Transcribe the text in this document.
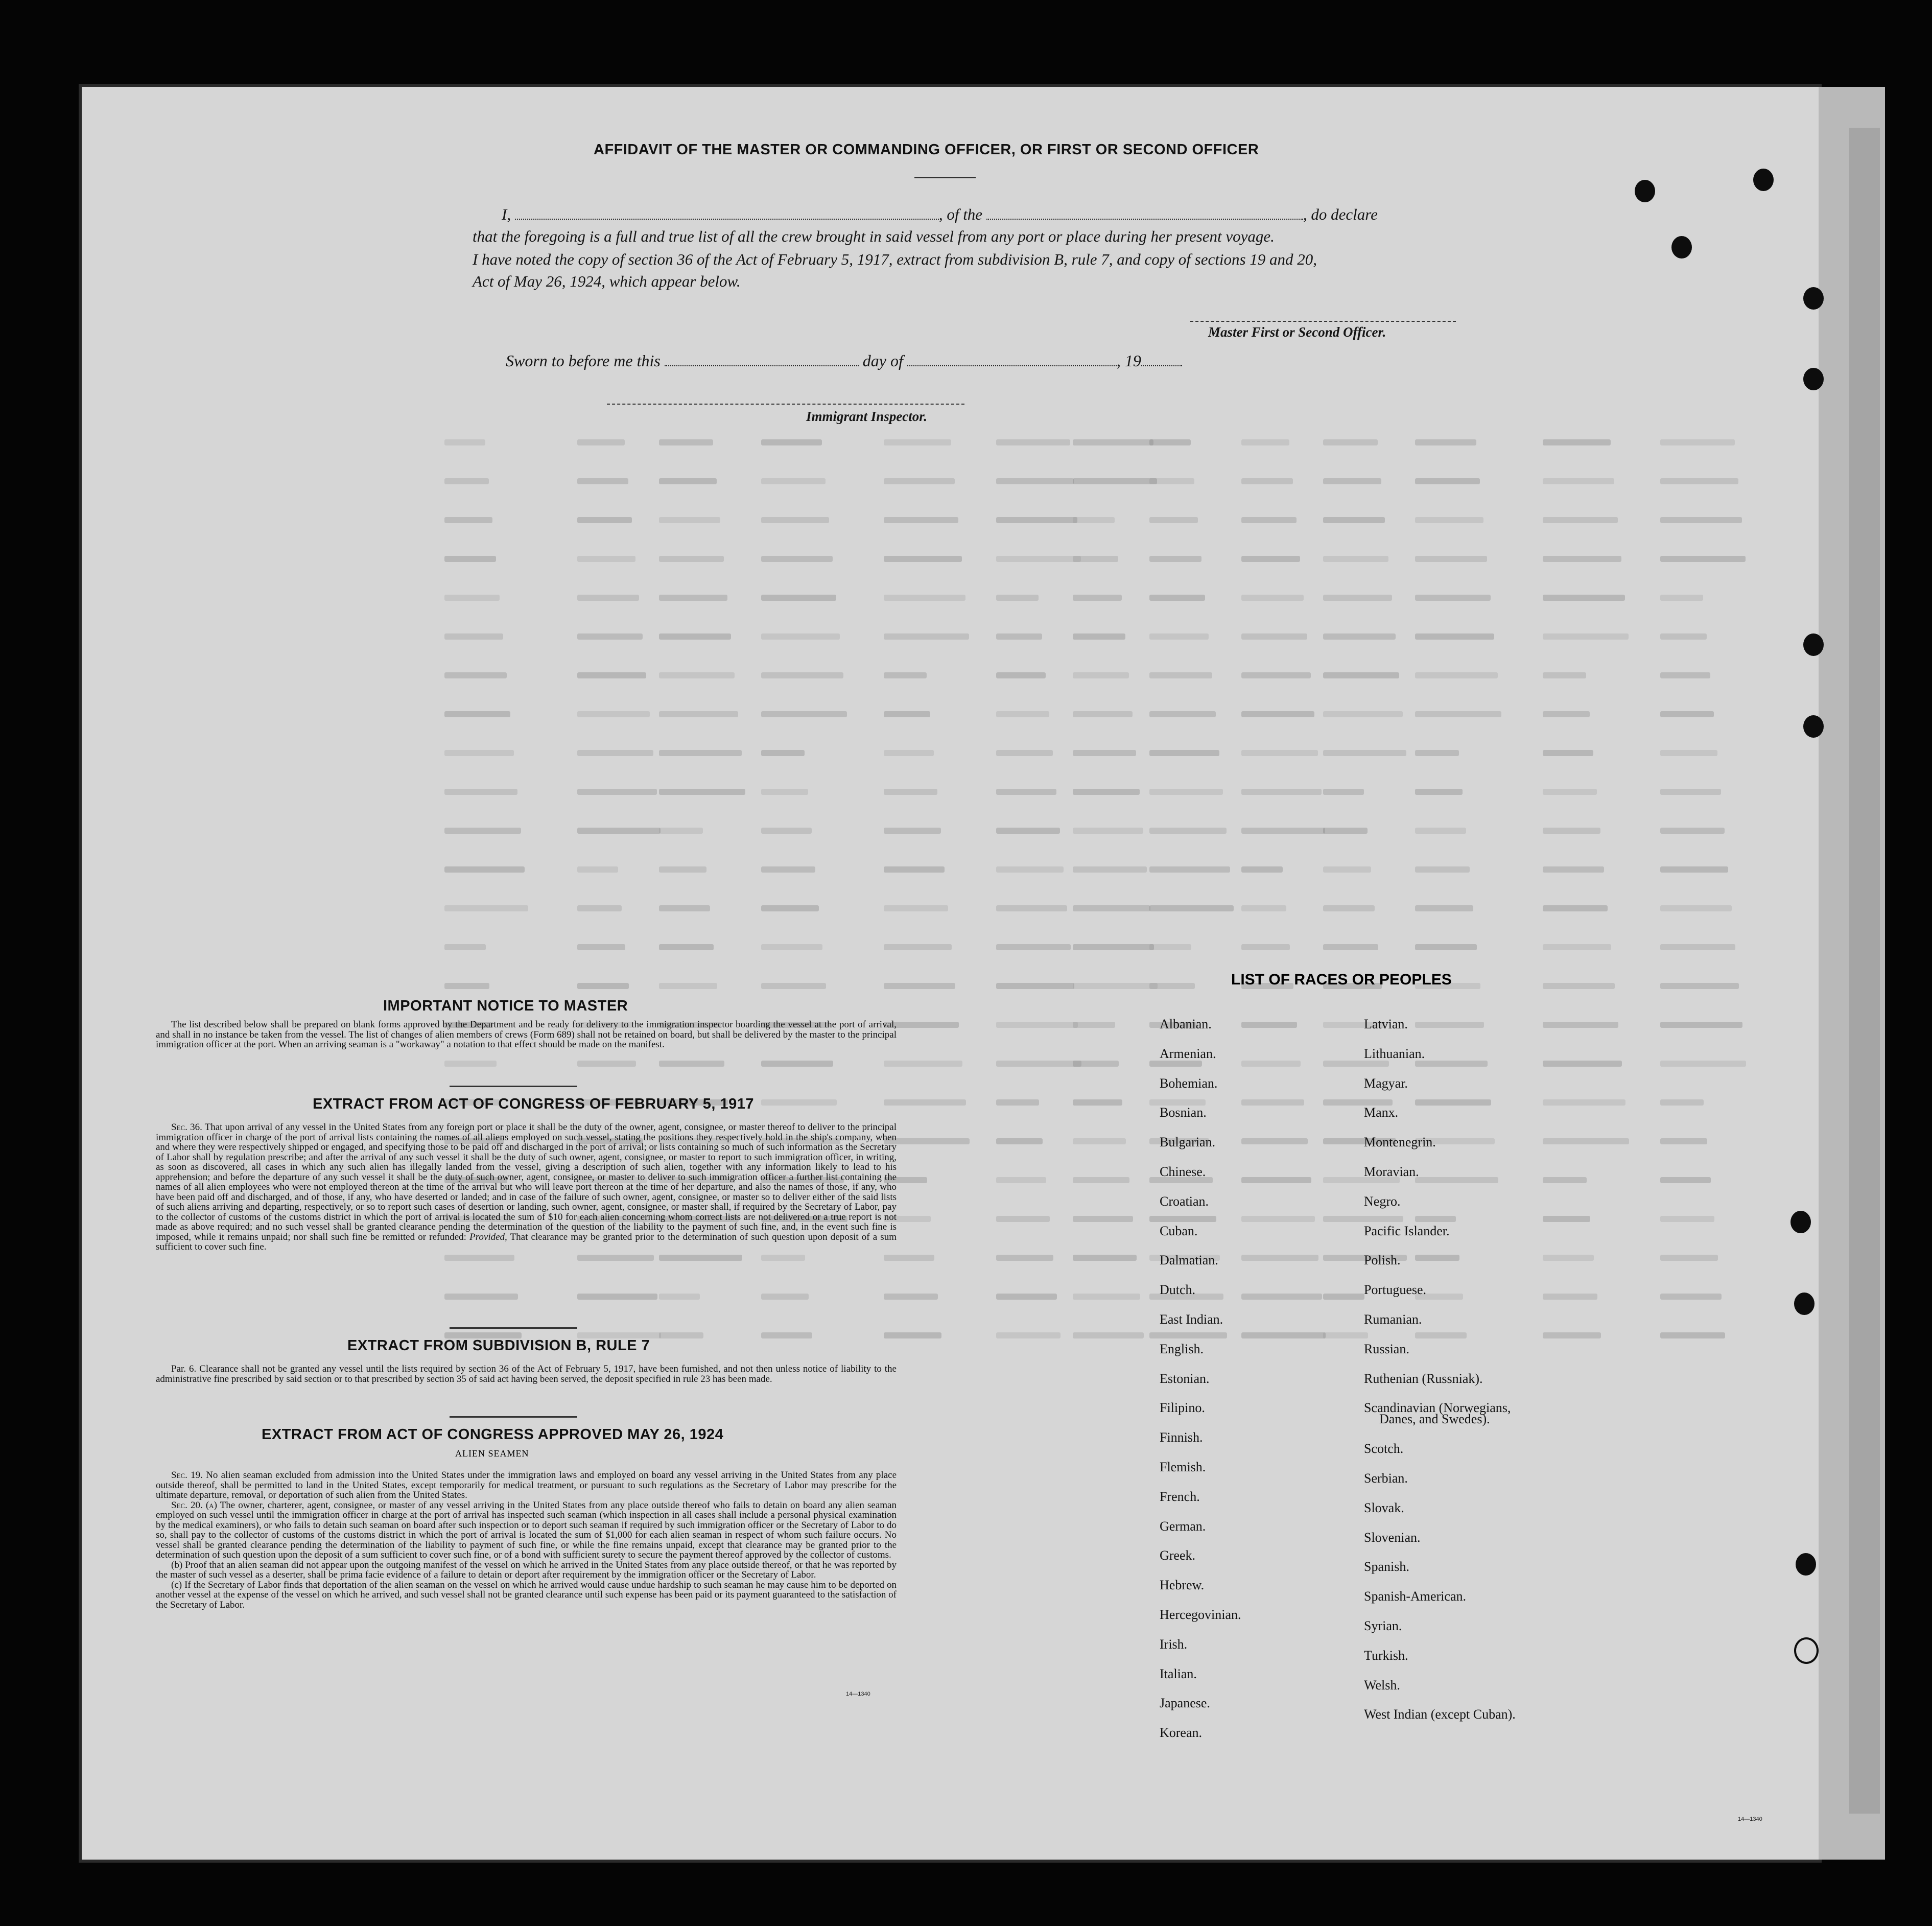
AFFIDAVIT OF THE MASTER OR COMMANDING OFFICER, OR FIRST OR SECOND OFFICER
I,	, of the	, do declare
that the foregoing is a full and true list of all the crew brought in said vessel from any port or place during her present voyage.
I have noted the copy of section 36 of the Act of February 5, 1917, extract from subdivision B, rule 7, and copy of sections 19 and 20,
Act of May 26, 1924, which appear below.
Master First or Second Officer.
Sworn to before me this	day of	, 19
Immigrant Inspector.
IMPORTANT NOTICE TO MASTER
The list described below shall be prepared on blank forms approved by the Department and be ready for delivery to the immigration inspector boarding the vessel at the port of arrival, and shall in no instance be taken from the vessel. The list of changes of alien members of crews (Form 689) shall not be retained on board, but shall be delivered by the master to the principal immigration officer at the port. When an arriving seaman is a "workaway" a notation to that effect should be made on the manifest.
EXTRACT FROM ACT OF CONGRESS OF FEBRUARY 5, 1917
Sec. 36. That upon arrival of any vessel in the United States from any foreign port or place it shall be the duty of the owner, agent, consignee, or master thereof to deliver to the principal immigration officer in charge of the port of arrival lists containing the names of all aliens employed on such vessel, stating the positions they respectively hold in the ship's company, when and where they were respectively shipped or engaged, and specifying those to be paid off and discharged in the port of arrival; or lists containing so much of such information as the Secretary of Labor shall by regulation prescribe; and after the arrival of any such vessel it shall be the duty of such owner, agent, consignee, or master to report to such immigration officer, in writing, as soon as discovered, all cases in which any such alien has illegally landed from the vessel, giving a description of such alien, together with any information likely to lead to his apprehension; and before the departure of any such vessel it shall be the duty of such owner, agent, consignee, or master to deliver to such immigration officer a further list containing the names of all alien employees who were not employed thereon at the time of the arrival but who will leave port thereon at the time of her departure, and also the names of those, if any, who have been paid off and discharged, and of those, if any, who have deserted or landed; and in case of the failure of such owner, agent, consignee, or master so to deliver either of the said lists of such aliens arriving and departing, respectively, or so to report such cases of desertion or landing, such owner, agent, consignee, or master shall, if required by the Secretary of Labor, pay to the collector of customs of the customs district in which the port of arrival is located the sum of $10 for each alien concerning whom correct lists are not delivered or a true report is not made as above required; and no such vessel shall be granted clearance pending the determination of the question of the liability to the payment of such fine, and, in the event such fine is imposed, while it remains unpaid; nor shall such fine be remitted or refunded: Provided, That clearance may be granted prior to the determination of such question upon deposit of a sum sufficient to cover such fine.
EXTRACT FROM SUBDIVISION B, RULE 7
Par. 6. Clearance shall not be granted any vessel until the lists required by section 36 of the Act of February 5, 1917, have been furnished, and not then unless notice of liability to the administrative fine prescribed by said section or to that prescribed by section 35 of said act having been served, the deposit specified in rule 23 has been made.
EXTRACT FROM ACT OF CONGRESS APPROVED MAY 26, 1924
ALIEN SEAMEN
Sec. 19. No alien seaman excluded from admission into the United States under the immigration laws and employed on board any vessel arriving in the United States from any place outside thereof, shall be permitted to land in the United States, except temporarily for medical treatment, or pursuant to such regulations as the Secretary of Labor may prescribe for the ultimate departure, removal, or deportation of such alien from the United States.
Sec. 20. (a) The owner, charterer, agent, consignee, or master of any vessel arriving in the United States from any place outside thereof who fails to detain on board any alien seaman employed on such vessel until the immigration officer in charge at the port of arrival has inspected such seaman (which inspection in all cases shall include a personal physical examination by the medical examiners), or who fails to detain such seaman on board after such inspection or to deport such seaman if required by such immigration officer or the Secretary of Labor to do so, shall pay to the collector of customs of the customs district in which the port of arrival is located the sum of $1,000 for each alien seaman in respect of whom such failure occurs. No vessel shall be granted clearance pending the determination of the liability to payment of such fine, or while the fine remains unpaid, except that clearance may be granted prior to the determination of such question upon the deposit of a sum sufficient to cover such fine, or of a bond with sufficient surety to secure the payment thereof approved by the collector of customs.
(b) Proof that an alien seaman did not appear upon the outgoing manifest of the vessel on which he arrived in the United States from any place outside thereof, or that he was reported by the master of such vessel as a deserter, shall be prima facie evidence of a failure to detain or deport after requirement by the immigration officer or the Secretary of Labor.
(c) If the Secretary of Labor finds that deportation of the alien seaman on the vessel on which he arrived would cause undue hardship to such seaman he may cause him to be deported on another vessel at the expense of the vessel on which he arrived, and such vessel shall not be granted clearance until such expense has been paid or its payment guaranteed to the satisfaction of the Secretary of Labor.
14—1340
14—1340
LIST OF RACES OR PEOPLES
Albanian.
Armenian.
Bohemian.
Bosnian.
Bulgarian.
Chinese.
Croatian.
Cuban.
Dalmatian.
Dutch.
East Indian.
English.
Estonian.
Filipino.
Finnish.
Flemish.
French.
German.
Greek.
Hebrew.
Hercegovinian.
Irish.
Italian.
Japanese.
Korean.
Latvian.
Lithuanian.
Magyar.
Manx.
Montenegrin.
Moravian.
Negro.
Pacific Islander.
Polish.
Portuguese.
Rumanian.
Russian.
Ruthenian (Russniak).
Scandinavian (Norwegians,
Danes, and Swedes).
Scotch.
Serbian.
Slovak.
Slovenian.
Spanish.
Spanish-American.
Syrian.
Turkish.
Welsh.
West Indian (except Cuban).
